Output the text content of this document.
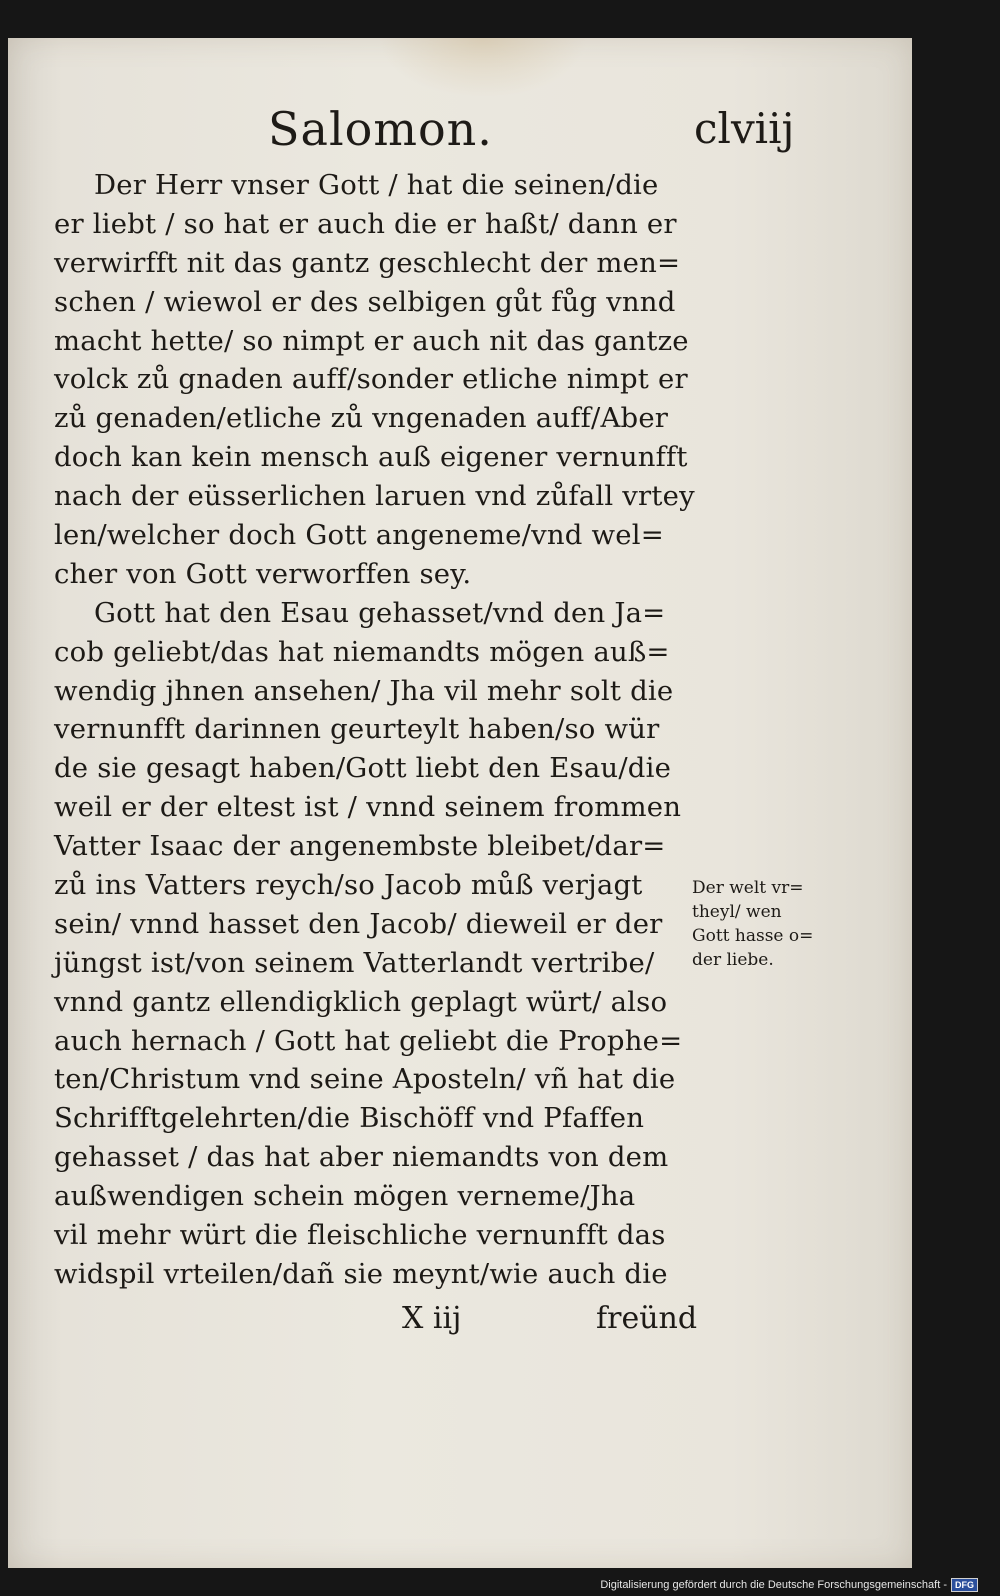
Salomon.	clviij
Der Herr vnser Gott / hat die seinen/die
er liebt / so hat er auch die er haßt/ dann er
verwirfft nit das gantz geschlecht der men=
schen / wiewol er des selbigen gůt fůg vnnd
macht hette/ so nimpt er auch nit das gantze
volck zů gnaden auff/sonder etliche nimpt er
zů genaden/etliche zů vngenaden auff/Aber
doch kan kein mensch auß eigener vernunfft
nach der eüsserlichen laruen vnd zůfall vrtey
len/welcher doch Gott angeneme/vnd wel=
cher von Gott verworffen sey.
Gott hat den Esau gehasset/vnd den Ja=
cob geliebt/das hat niemandts mögen auß=
wendig jhnen ansehen/ Jha vil mehr solt die
vernunfft darinnen geurteylt haben/so wür
de sie gesagt haben/Gott liebt den Esau/die
weil er der eltest ist / vnnd seinem frommen
Vatter Isaac der angenembste bleibet/dar=
zů ins Vatters reych/so Jacob můß verjagt
sein/ vnnd hasset den Jacob/ dieweil er der
jüngst ist/von seinem Vatterlandt vertribe/
vnnd gantz ellendigklich geplagt würt/ also
auch hernach / Gott hat geliebt die Prophe=
ten/Christum vnd seine Aposteln/ vñ hat die
Schrifftgelehrten/die Bischöff vnd Pfaffen
gehasset / das hat aber niemandts von dem
außwendigen schein mögen verneme/Jha
vil mehr würt die fleischliche vernunfft das
widspil vrteilen/dañ sie meynt/wie auch die
Der welt vr=
theyl/ wen
Gott hasse o=
der liebe.
X iij	freünd
Digitalisierung gefördert durch die Deutsche Forschungsgemeinschaft - DFG
